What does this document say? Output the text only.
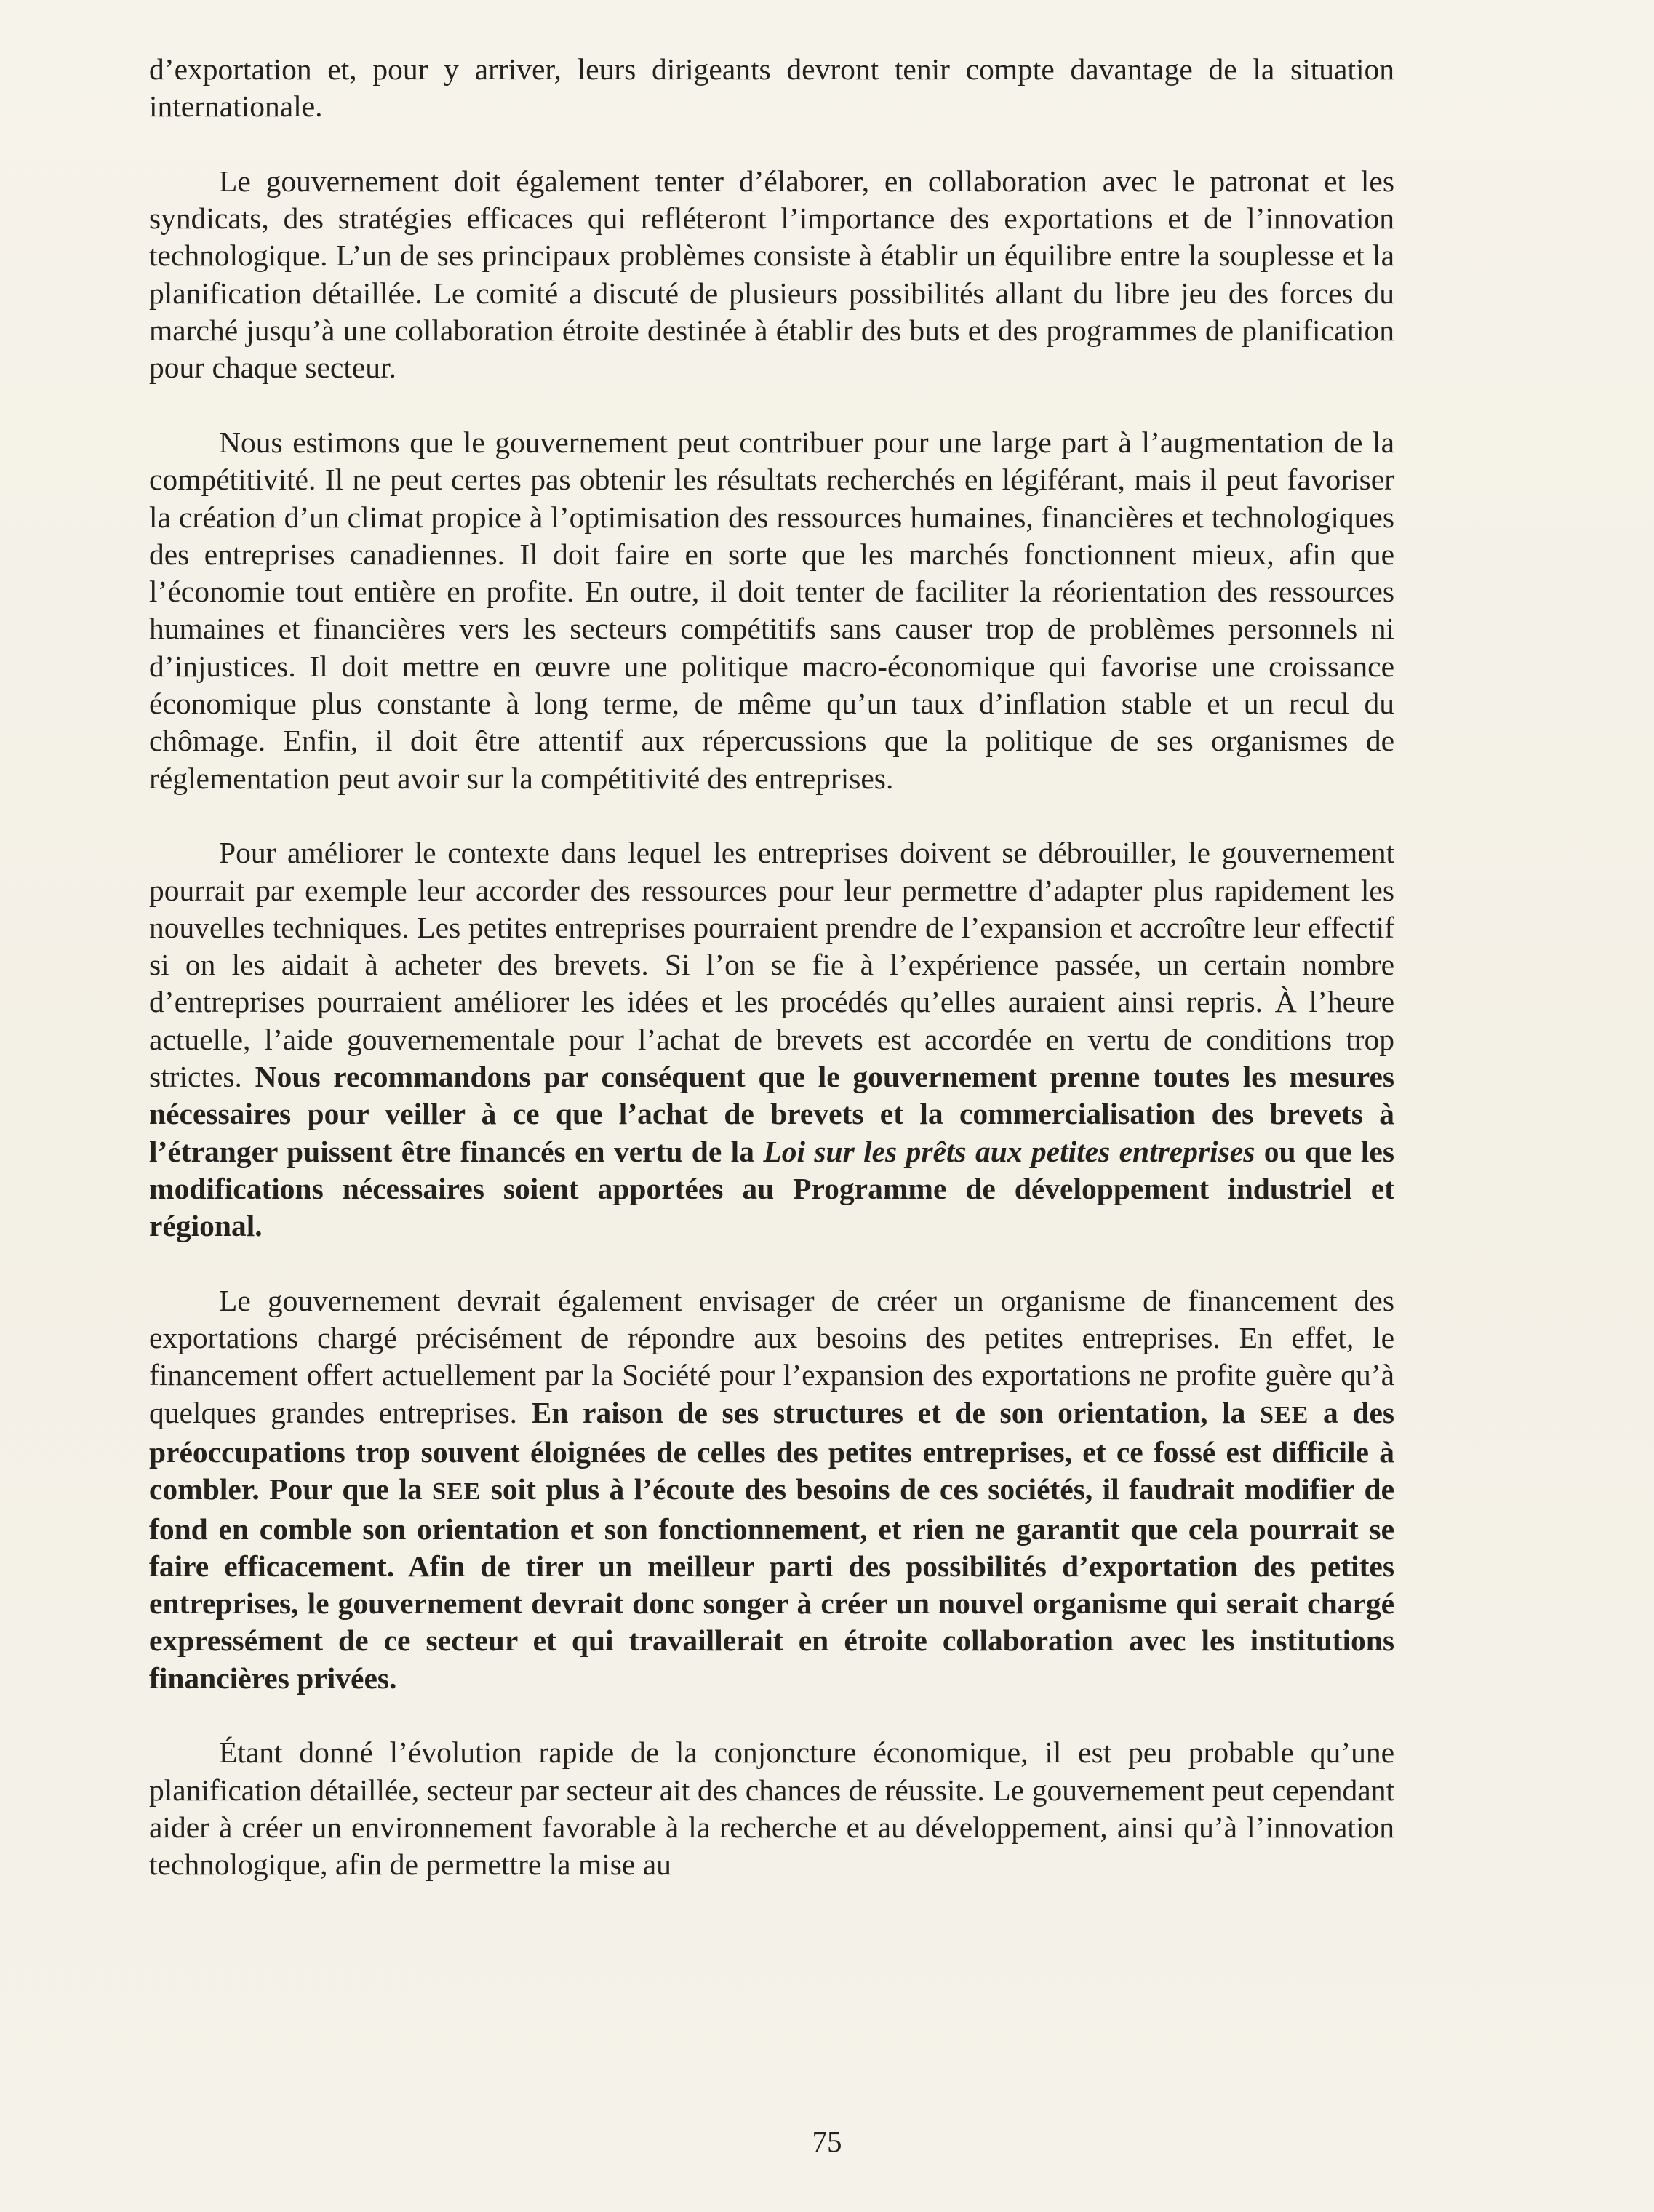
d’exportation et, pour y arriver, leurs dirigeants devront tenir compte davantage de la situation internationale.

Le gouvernement doit également tenter d’élaborer, en collaboration avec le patronat et les syndicats, des stratégies efficaces qui refléteront l’importance des exportations et de l’innovation technologique. L’un de ses principaux problèmes consiste à établir un équilibre entre la souplesse et la planification détaillée. Le comité a discuté de plusieurs possibilités allant du libre jeu des forces du marché jusqu’à une collaboration étroite destinée à établir des buts et des programmes de planification pour chaque secteur.

Nous estimons que le gouvernement peut contribuer pour une large part à l’augmentation de la compétitivité. Il ne peut certes pas obtenir les résultats recherchés en légiférant, mais il peut favoriser la création d’un climat propice à l’optimisation des ressources humaines, financières et technologiques des entreprises canadiennes. Il doit faire en sorte que les marchés fonctionnent mieux, afin que l’économie tout entière en profite. En outre, il doit tenter de faciliter la réorientation des ressources humaines et financières vers les secteurs compétitifs sans causer trop de problèmes personnels ni d’injustices. Il doit mettre en œuvre une politique macro-économique qui favorise une croissance économique plus constante à long terme, de même qu’un taux d’inflation stable et un recul du chômage. Enfin, il doit être attentif aux répercussions que la politique de ses organismes de réglementation peut avoir sur la compétitivité des entreprises.

Pour améliorer le contexte dans lequel les entreprises doivent se débrouiller, le gouvernement pourrait par exemple leur accorder des ressources pour leur permettre d’adapter plus rapidement les nouvelles techniques. Les petites entreprises pourraient prendre de l’expansion et accroître leur effectif si on les aidait à acheter des brevets. Si l’on se fie à l’expérience passée, un certain nombre d’entreprises pourraient améliorer les idées et les procédés qu’elles auraient ainsi repris. À l’heure actuelle, l’aide gouvernementale pour l’achat de brevets est accordée en vertu de conditions trop strictes. Nous recommandons par conséquent que le gouvernement prenne toutes les mesures nécessaires pour veiller à ce que l’achat de brevets et la commercialisation des brevets à l’étranger puissent être financés en vertu de la Loi sur les prêts aux petites entreprises ou que les modifications nécessaires soient apportées au Programme de développement industriel et régional.

Le gouvernement devrait également envisager de créer un organisme de financement des exportations chargé précisément de répondre aux besoins des petites entreprises. En effet, le financement offert actuellement par la Société pour l’expansion des exportations ne profite guère qu’à quelques grandes entreprises. En raison de ses structures et de son orientation, la SEE a des préoccupations trop souvent éloignées de celles des petites entreprises, et ce fossé est difficile à combler. Pour que la SEE soit plus à l’écoute des besoins de ces sociétés, il faudrait modifier de fond en comble son orientation et son fonctionnement, et rien ne garantit que cela pourrait se faire efficacement. Afin de tirer un meilleur parti des possibilités d’exportation des petites entreprises, le gouvernement devrait donc songer à créer un nouvel organisme qui serait chargé expressément de ce secteur et qui travaillerait en étroite collaboration avec les institutions financières privées.

Étant donné l’évolution rapide de la conjoncture économique, il est peu probable qu’une planification détaillée, secteur par secteur ait des chances de réussite. Le gouvernement peut cependant aider à créer un environnement favorable à la recherche et au développement, ainsi qu’à l’innovation technologique, afin de permettre la mise au

75
